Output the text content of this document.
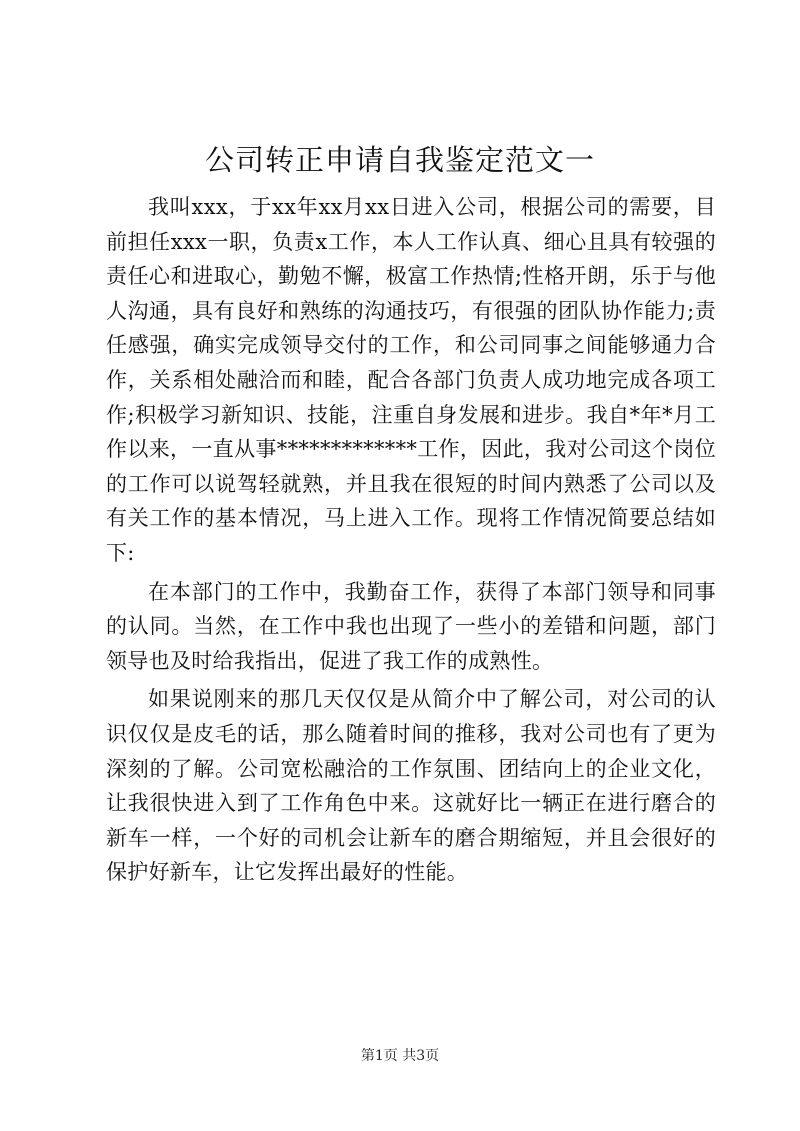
公司转正申请自我鉴定范文一

我叫xxx，于xx年xx月xx日进入公司，根据公司的需要，目前担任xxx一职，负责x工作，本人工作认真、细心且具有较强的责任心和进取心，勤勉不懈，极富工作热情;性格开朗，乐于与他人沟通，具有良好和熟练的沟通技巧，有很强的团队协作能力;责任感强，确实完成领导交付的工作，和公司同事之间能够通力合作，关系相处融洽而和睦，配合各部门负责人成功地完成各项工作;积极学习新知识、技能，注重自身发展和进步。我自*年*月工作以来，一直从事*************工作，因此，我对公司这个岗位的工作可以说驾轻就熟，并且我在很短的时间内熟悉了公司以及有关工作的基本情况，马上进入工作。现将工作情况简要总结如下:

在本部门的工作中，我勤奋工作，获得了本部门领导和同事的认同。当然，在工作中我也出现了一些小的差错和问题，部门领导也及时给我指出，促进了我工作的成熟性。

如果说刚来的那几天仅仅是从简介中了解公司，对公司的认识仅仅是皮毛的话，那么随着时间的推移，我对公司也有了更为深刻的了解。公司宽松融洽的工作氛围、团结向上的企业文化，让我很快进入到了工作角色中来。这就好比一辆正在进行磨合的新车一样，一个好的司机会让新车的磨合期缩短，并且会很好的保护好新车，让它发挥出最好的性能。

第1页 共3页
